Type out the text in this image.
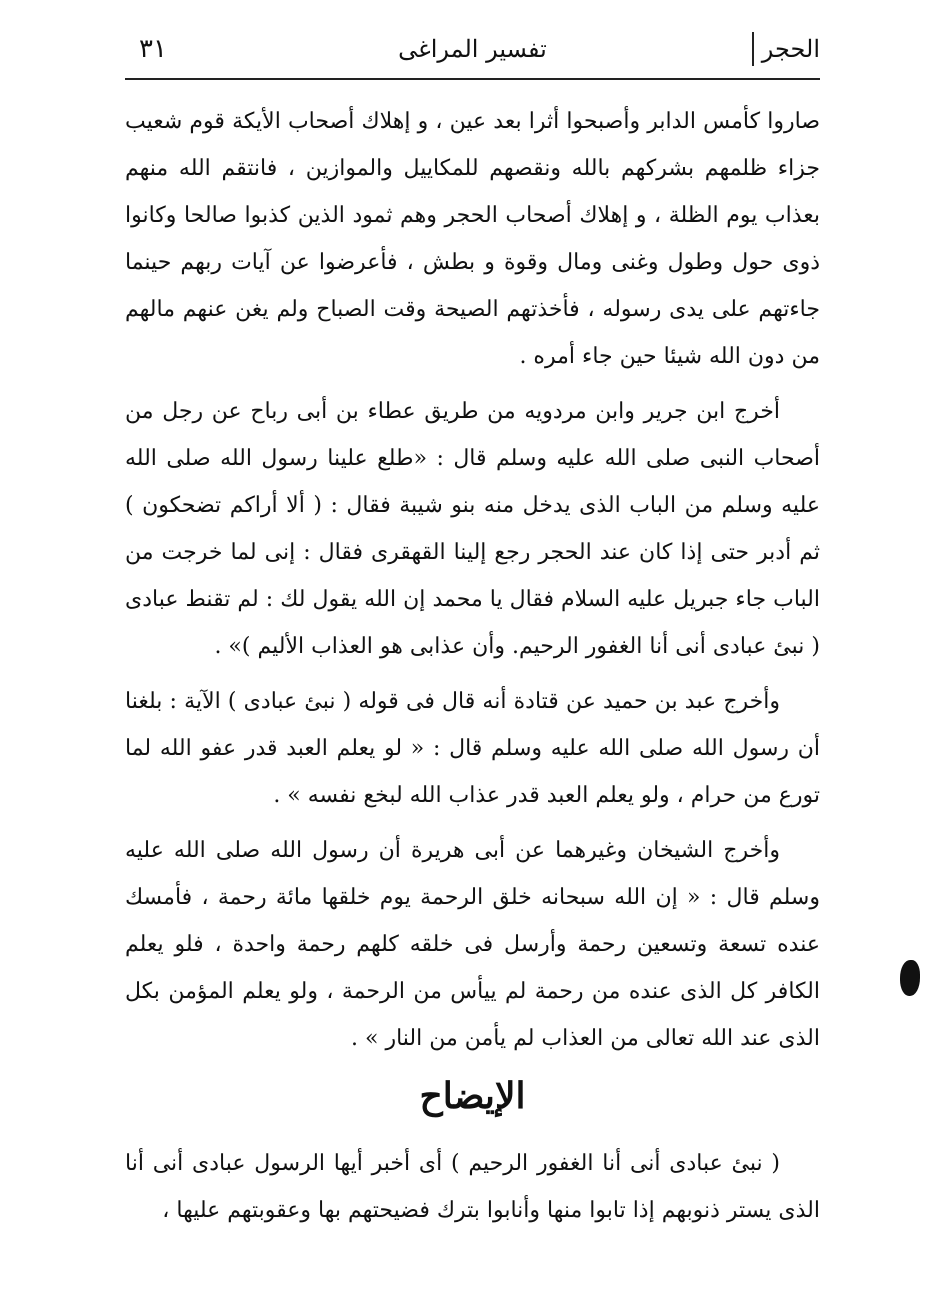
الحجر
تفسير المراغى
٣١

صاروا كأمس الدابر وأصبحوا أثرا بعد عين ، و إهلاك أصحاب الأيكة قوم شعيب جزاء ظلمهم بشركهم بالله ونقصهم للمكاييل والموازين ، فانتقم الله منهم بعذاب يوم الظلة ، و إهلاك أصحاب الحجر وهم ثمود الذين كذبوا صالحا وكانوا ذوى حول وطول وغنى ومال وقوة و بطش ، فأعرضوا عن آيات ربهم حينما جاءتهم على يدى رسوله ، فأخذتهم الصيحة وقت الصباح ولم يغن عنهم مالهم من دون الله شيئا حين جاء أمره .

أخرج ابن جرير وابن مردويه من طريق عطاء بن أبى رباح عن رجل من أصحاب النبى صلى الله عليه وسلم قال : «طلع علينا رسول الله صلى الله عليه وسلم من الباب الذى يدخل منه بنو شيبة فقال : ( ألا أراكم تضحكون ) ثم أدبر حتى إذا كان عند الحجر رجع إلينا القهقرى فقال : إنى لما خرجت من الباب جاء جبريل عليه السلام فقال يا محمد إن الله يقول لك : لم تقنط عبادى ( نبئ عبادى أنى أنا الغفور الرحيم. وأن عذابى هو العذاب الأليم )» .

وأخرج عبد بن حميد عن قتادة أنه قال فى قوله ( نبئ عبادى ) الآية : بلغنا أن رسول الله صلى الله عليه وسلم قال : « لو يعلم العبد قدر عفو الله لما تورع من حرام ، ولو يعلم العبد قدر عذاب الله لبخع نفسه » .

وأخرج الشيخان وغيرهما عن أبى هريرة أن رسول الله صلى الله عليه وسلم قال : « إن الله سبحانه خلق الرحمة يوم خلقها مائة رحمة ، فأمسك عنده تسعة وتسعين رحمة وأرسل فى خلقه كلهم رحمة واحدة ، فلو يعلم الكافر كل الذى عنده من رحمة لم ييأس من الرحمة ، ولو يعلم المؤمن بكل الذى عند الله تعالى من العذاب لم يأمن من النار » .

الإيضاح

( نبئ عبادى أنى أنا الغفور الرحيم ) أى أخبر أيها الرسول عبادى أنى أنا الذى يستر ذنوبهم إذا تابوا منها وأنابوا بترك فضيحتهم بها وعقوبتهم عليها ،
